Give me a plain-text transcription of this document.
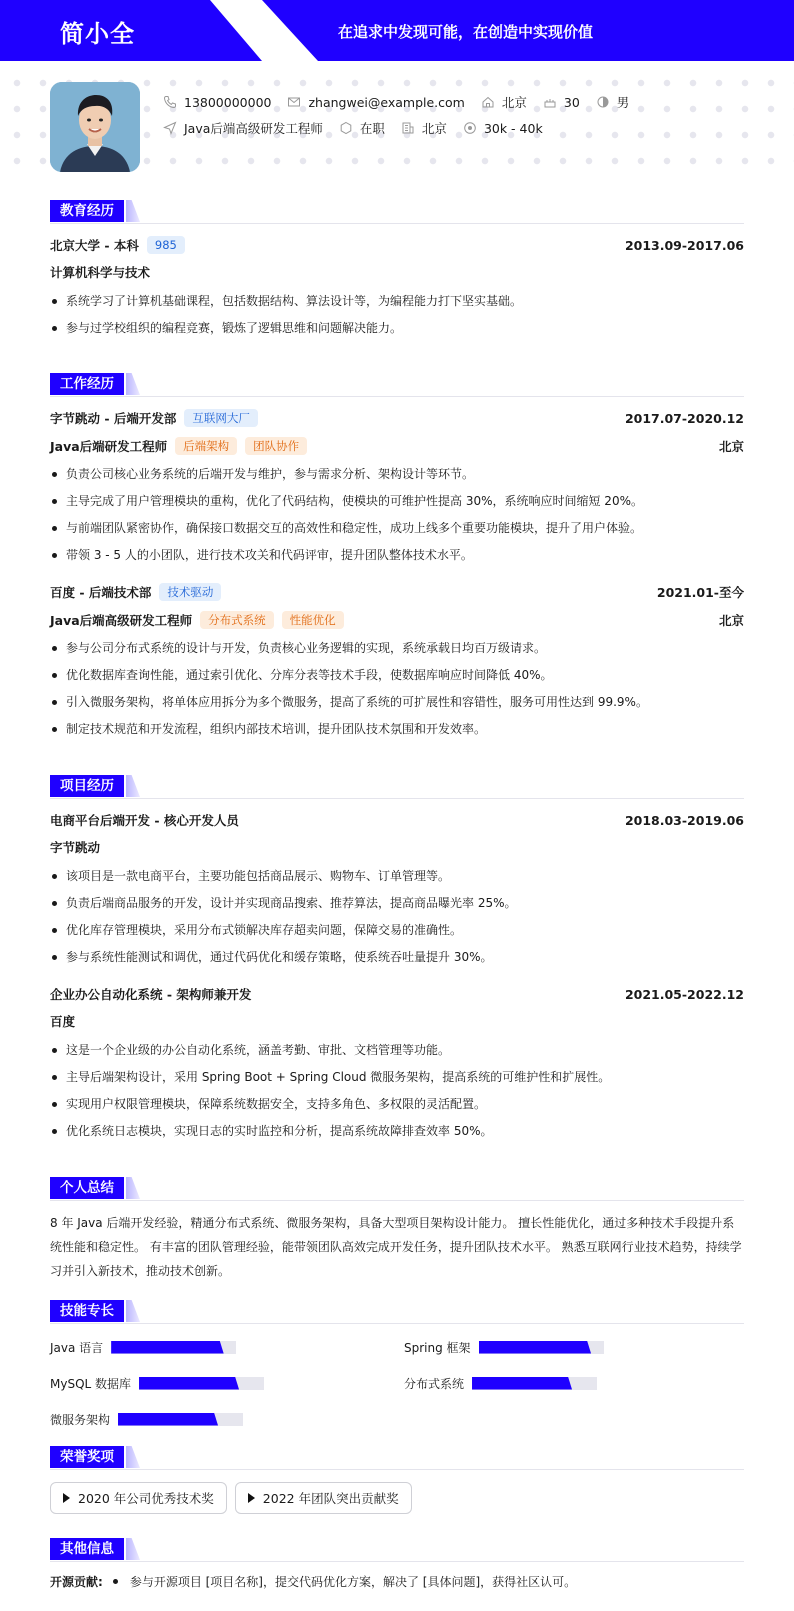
简小全	在追求中发现可能，在创造中实现价值
13800000000	zhangwei@example.com	北京	30	男
Java后端高级研发工程师	在职	北京	30k - 40k
教育经历
北京大学 - 本科	985	2013.09-2017.06
计算机科学与技术
系统学习了计算机基础课程，包括数据结构、算法设计等，为编程能力打下坚实基础。
参与过学校组织的编程竞赛，锻炼了逻辑思维和问题解决能力。
工作经历
字节跳动 - 后端开发部	互联网大厂	2017.07-2020.12
Java后端研发工程师	后端架构	团队协作	北京
负责公司核心业务系统的后端开发与维护，参与需求分析、架构设计等环节。
主导完成了用户管理模块的重构，优化了代码结构，使模块的可维护性提高 30%，系统响应时间缩短 20%。
与前端团队紧密协作，确保接口数据交互的高效性和稳定性，成功上线多个重要功能模块，提升了用户体验。
带领 3 - 5 人的小团队，进行技术攻关和代码评审，提升团队整体技术水平。
百度 - 后端技术部	技术驱动	2021.01-至今
Java后端高级研发工程师	分布式系统	性能优化	北京
参与公司分布式系统的设计与开发，负责核心业务逻辑的实现，系统承载日均百万级请求。
优化数据库查询性能，通过索引优化、分库分表等技术手段，使数据库响应时间降低 40%。
引入微服务架构，将单体应用拆分为多个微服务，提高了系统的可扩展性和容错性，服务可用性达到 99.9%。
制定技术规范和开发流程，组织内部技术培训，提升团队技术氛围和开发效率。
项目经历
电商平台后端开发 - 核心开发人员	2018.03-2019.06
字节跳动
该项目是一款电商平台，主要功能包括商品展示、购物车、订单管理等。
负责后端商品服务的开发，设计并实现商品搜索、推荐算法，提高商品曝光率 25%。
优化库存管理模块，采用分布式锁解决库存超卖问题，保障交易的准确性。
参与系统性能测试和调优，通过代码优化和缓存策略，使系统吞吐量提升 30%。
企业办公自动化系统 - 架构师兼开发	2021.05-2022.12
百度
这是一个企业级的办公自动化系统，涵盖考勤、审批、文档管理等功能。
主导后端架构设计，采用 Spring Boot + Spring Cloud 微服务架构，提高系统的可维护性和扩展性。
实现用户权限管理模块，保障系统数据安全，支持多角色、多权限的灵活配置。
优化系统日志模块，实现日志的实时监控和分析，提高系统故障排查效率 50%。
个人总结
8 年 Java 后端开发经验，精通分布式系统、微服务架构，具备大型项目架构设计能力。 擅长性能优化，通过多种技术手段提升系统性能和稳定性。 有丰富的团队管理经验，能带领团队高效完成开发任务，提升团队技术水平。 熟悉互联网行业技术趋势，持续学习并引入新技术，推动技术创新。
技能专长
Java 语言	Spring 框架
MySQL 数据库	分布式系统
微服务架构
荣誉奖项
2020 年公司优秀技术奖	2022 年团队突出贡献奖
其他信息
开源贡献: 参与开源项目 [项目名称]，提交代码优化方案，解决了 [具体问题]，获得社区认可。
